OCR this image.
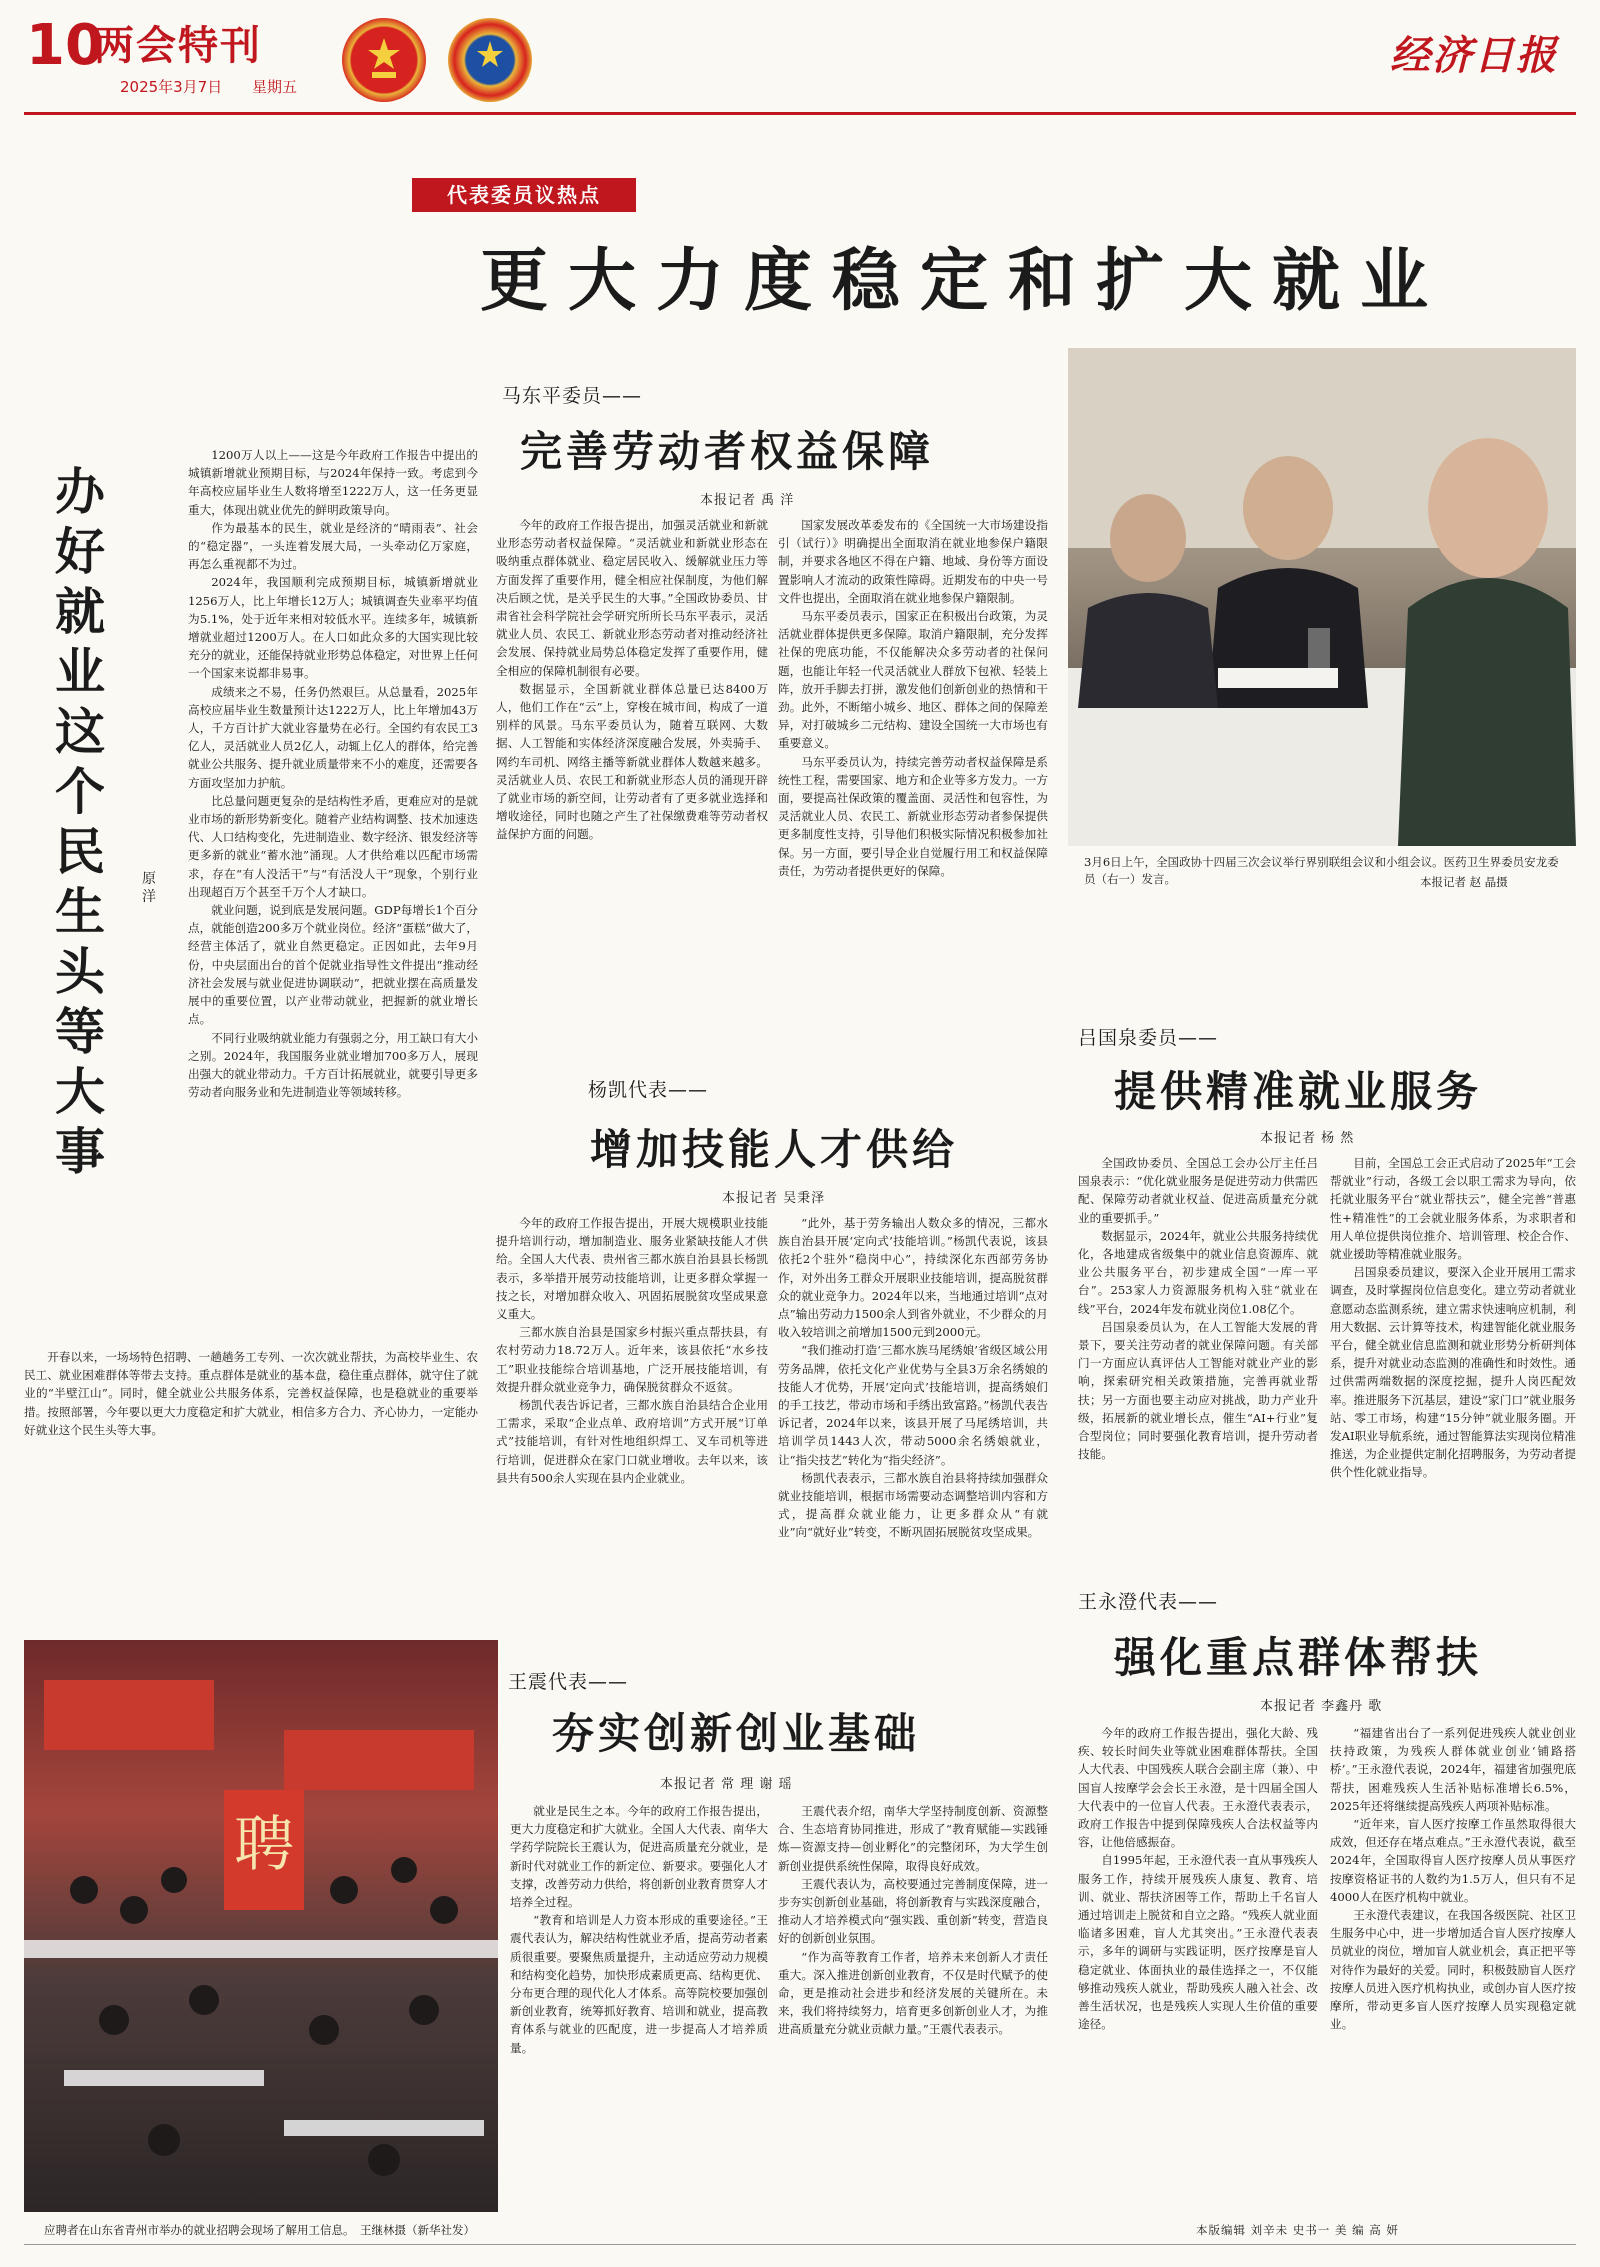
10
两会特刊
2025年3月7日 星期五
经济日报
代表委员议热点
更大力度稳定和扩大就业
办好就业这个民生头等大事
原洋

1200万人以上——这是今年政府工作报告中提出的城镇新增就业预期目标，与2024年保持一致。考虑到今年高校应届毕业生人数将增至1222万人，这一任务更显重大，体现出就业优先的鲜明政策导向。

作为最基本的民生，就业是经济的“晴雨表”、社会的“稳定器”，一头连着发展大局，一头牵动亿万家庭，再怎么重视都不为过。

2024年，我国顺利完成预期目标，城镇新增就业1256万人，比上年增长12万人；城镇调查失业率平均值为5.1%，处于近年来相对较低水平。连续多年，城镇新增就业超过1200万人。在人口如此众多的大国实现比较充分的就业，还能保持就业形势总体稳定，对世界上任何一个国家来说都非易事。

成绩来之不易，任务仍然艰巨。从总量看，2025年高校应届毕业生数量预计达1222万人，比上年增加43万人，千方百计扩大就业容量势在必行。全国约有农民工3亿人，灵活就业人员2亿人，动辄上亿人的群体，给完善就业公共服务、提升就业质量带来不小的难度，还需要各方面攻坚加力护航。

比总量问题更复杂的是结构性矛盾，更难应对的是就业市场的新形势新变化。随着产业结构调整、技术加速迭代、人口结构变化，先进制造业、数字经济、银发经济等更多新的就业“蓄水池”涌现。人才供给难以匹配市场需求，存在“有人没活干”与“有活没人干”现象，个别行业出现超百万个甚至千万个人才缺口。

就业问题，说到底是发展问题。GDP每增长1个百分点，就能创造200多万个就业岗位。经济“蛋糕”做大了，经营主体活了，就业自然更稳定。正因如此，去年9月份，中央层面出台的首个促就业指导性文件提出“推动经济社会发展与就业促进协调联动”，把就业摆在高质量发展中的重要位置，以产业带动就业，把握新的就业增长点。

不同行业吸纳就业能力有强弱之分，用工缺口有大小之别。2024年，我国服务业就业增加700多万人，展现出强大的就业带动力。千方百计拓展就业，就要引导更多劳动者向服务业和先进制造业等领域转移。

开春以来，一场场特色招聘、一趟趟务工专列、一次次就业帮扶，为高校毕业生、农民工、就业困难群体等带去支持。重点群体是就业的基本盘，稳住重点群体，就守住了就业的“半壁江山”。同时，健全就业公共服务体系，完善权益保障，也是稳就业的重要举措。按照部署，今年要以更大力度稳定和扩大就业，相信多方合力、齐心协力，一定能办好就业这个民生头等大事。

聘
应聘者在山东省青州市举办的就业招聘会现场了解用工信息。 王继林摄（新华社发）
马东平委员——
完善劳动者权益保障
本报记者 禹 洋

今年的政府工作报告提出，加强灵活就业和新就业形态劳动者权益保障。“灵活就业和新就业形态在吸纳重点群体就业、稳定居民收入、缓解就业压力等方面发挥了重要作用，健全相应社保制度，为他们解决后顾之忧，是关乎民生的大事。”全国政协委员、甘肃省社会科学院社会学研究所所长马东平表示，灵活就业人员、农民工、新就业形态劳动者对推动经济社会发展、保持就业局势总体稳定发挥了重要作用，健全相应的保障机制很有必要。

数据显示，全国新就业群体总量已达8400万人，他们工作在“云”上，穿梭在城市间，构成了一道别样的风景。马东平委员认为，随着互联网、大数据、人工智能和实体经济深度融合发展，外卖骑手、网约车司机、网络主播等新就业群体人数越来越多。灵活就业人员、农民工和新就业形态人员的涌现开辟了就业市场的新空间，让劳动者有了更多就业选择和增收途径，同时也随之产生了社保缴费难等劳动者权益保护方面的问题。

国家发展改革委发布的《全国统一大市场建设指引（试行）》明确提出全面取消在就业地参保户籍限制，并要求各地区不得在户籍、地域、身份等方面设置影响人才流动的政策性障碍。近期发布的中央一号文件也提出，全面取消在就业地参保户籍限制。

马东平委员表示，国家正在积极出台政策，为灵活就业群体提供更多保障。取消户籍限制，充分发挥社保的兜底功能，不仅能解决众多劳动者的社保问题，也能让年轻一代灵活就业人群放下包袱、轻装上阵，放开手脚去打拼，激发他们创新创业的热情和干劲。此外，不断缩小城乡、地区、群体之间的保障差异，对打破城乡二元结构、建设全国统一大市场也有重要意义。

马东平委员认为，持续完善劳动者权益保障是系统性工程，需要国家、地方和企业等多方发力。一方面，要提高社保政策的覆盖面、灵活性和包容性，为灵活就业人员、农民工、新就业形态劳动者参保提供更多制度性支持，引导他们积极实际情况积极参加社保。另一方面，要引导企业自觉履行用工和权益保障责任，为劳动者提供更好的保障。

3月6日上午，全国政协十四届三次会议举行界别联组会议和小组会议。医药卫生界委员安龙委员（右一）发言。	本报记者 赵 晶摄
杨凯代表——
增加技能人才供给
本报记者 吴秉泽

今年的政府工作报告提出，开展大规模职业技能提升培训行动，增加制造业、服务业紧缺技能人才供给。全国人大代表、贵州省三都水族自治县县长杨凯表示，多举措开展劳动技能培训，让更多群众掌握一技之长，对增加群众收入、巩固拓展脱贫攻坚成果意义重大。

三都水族自治县是国家乡村振兴重点帮扶县，有农村劳动力18.72万人。近年来，该县依托“水乡技工”职业技能综合培训基地，广泛开展技能培训，有效提升群众就业竞争力，确保脱贫群众不返贫。

杨凯代表告诉记者，三都水族自治县结合企业用工需求，采取“企业点单、政府培训”方式开展“订单式”技能培训，有针对性地组织焊工、叉车司机等进行培训，促进群众在家门口就业增收。去年以来，该县共有500余人实现在县内企业就业。

“此外，基于劳务输出人数众多的情况，三都水族自治县开展‘定向式’技能培训。”杨凯代表说，该县依托2个驻外“稳岗中心”，持续深化东西部劳务协作，对外出务工群众开展职业技能培训，提高脱贫群众的就业竞争力。2024年以来，当地通过培训“点对点”输出劳动力1500余人到省外就业，不少群众的月收入较培训之前增加1500元到2000元。

“我们推动打造‘三都水族马尾绣娘’省级区域公用劳务品牌，依托文化产业优势与全县3万余名绣娘的技能人才优势，开展‘定向式’技能培训，提高绣娘们的手工技艺，带动市场和手绣出致富路。”杨凯代表告诉记者，2024年以来，该县开展了马尾绣培训，共培训学员1443人次，带动5000余名绣娘就业，让“指尖技艺”转化为“指尖经济”。

杨凯代表表示，三都水族自治县将持续加强群众就业技能培训，根据市场需要动态调整培训内容和方式，提高群众就业能力，让更多群众从“有就业”向“就好业”转变，不断巩固拓展脱贫攻坚成果。

吕国泉委员——
提供精准就业服务
本报记者 杨 然

全国政协委员、全国总工会办公厅主任吕国泉表示：“优化就业服务是促进劳动力供需匹配、保障劳动者就业权益、促进高质量充分就业的重要抓手。”

数据显示，2024年，就业公共服务持续优化，各地建成省级集中的就业信息资源库、就业公共服务平台，初步建成全国“一库一平台”。253家人力资源服务机构入驻“就业在线”平台，2024年发布就业岗位1.08亿个。

吕国泉委员认为，在人工智能大发展的背景下，要关注劳动者的就业保障问题。有关部门一方面应认真评估人工智能对就业产业的影响，探索研究相关政策措施，完善再就业帮扶；另一方面也要主动应对挑战，助力产业升级，拓展新的就业增长点，催生“AI+行业”复合型岗位；同时要强化教育培训，提升劳动者技能。

目前，全国总工会正式启动了2025年“工会帮就业”行动，各级工会以职工需求为导向，依托就业服务平台“就业帮扶云”，健全完善“普惠性+精准性”的工会就业服务体系，为求职者和用人单位提供岗位推介、培训管理、校企合作、就业援助等精准就业服务。

吕国泉委员建议，要深入企业开展用工需求调查，及时掌握岗位信息变化。建立劳动者就业意愿动态监测系统，建立需求快速响应机制，利用大数据、云计算等技术，构建智能化就业服务平台，健全就业信息监测和就业形势分析研判体系，提升对就业动态监测的准确性和时效性。通过供需两端数据的深度挖掘，提升人岗匹配效率。推进服务下沉基层，建设“家门口”就业服务站、零工市场，构建“15分钟”就业服务圈。开发AI职业导航系统，通过智能算法实现岗位精准推送，为企业提供定制化招聘服务，为劳动者提供个性化就业指导。

王震代表——
夯实创新创业基础
本报记者 常 理 谢 瑶

就业是民生之本。今年的政府工作报告提出，更大力度稳定和扩大就业。全国人大代表、南华大学药学院院长王震认为，促进高质量充分就业，是新时代对就业工作的新定位、新要求。要强化人才支撑，改善劳动力供给，将创新创业教育贯穿人才培养全过程。

“教育和培训是人力资本形成的重要途径。”王震代表认为，解决结构性就业矛盾，提高劳动者素质很重要。要聚焦质量提升，主动适应劳动力规模和结构变化趋势，加快形成素质更高、结构更优、分布更合理的现代化人才体系。高等院校要加强创新创业教育，统筹抓好教育、培训和就业，提高教育体系与就业的匹配度，进一步提高人才培养质量。

王震代表介绍，南华大学坚持制度创新、资源整合、生态培育协同推进，形成了“教育赋能—实践锤炼—资源支持—创业孵化”的完整闭环，为大学生创新创业提供系统性保障，取得良好成效。

王震代表认为，高校要通过完善制度保障，进一步夯实创新创业基础，将创新教育与实践深度融合，推动人才培养模式向“强实践、重创新”转变，营造良好的创新创业氛围。

“作为高等教育工作者，培养未来创新人才责任重大。深入推进创新创业教育，不仅是时代赋予的使命，更是推动社会进步和经济发展的关键所在。未来，我们将持续努力，培育更多创新创业人才，为推进高质量充分就业贡献力量。”王震代表表示。

王永澄代表——
强化重点群体帮扶
本报记者 李鑫丹 歌

今年的政府工作报告提出，强化大龄、残疾、较长时间失业等就业困难群体帮扶。全国人大代表、中国残疾人联合会副主席（兼）、中国盲人按摩学会会长王永澄，是十四届全国人大代表中的一位盲人代表。王永澄代表表示，政府工作报告中提到保障残疾人合法权益等内容，让他倍感振奋。

自1995年起，王永澄代表一直从事残疾人服务工作，持续开展残疾人康复、教育、培训、就业、帮扶济困等工作，帮助上千名盲人通过培训走上脱贫和自立之路。“残疾人就业面临诸多困难，盲人尤其突出。”王永澄代表表示，多年的调研与实践证明，医疗按摩是盲人稳定就业、体面执业的最佳选择之一，不仅能够推动残疾人就业，帮助残疾人融入社会、改善生活状况，也是残疾人实现人生价值的重要途径。

“福建省出台了一系列促进残疾人就业创业扶持政策，为残疾人群体就业创业‘铺路搭桥’。”王永澄代表说，2024年，福建省加强兜底帮扶，困难残疾人生活补贴标准增长6.5%，2025年还将继续提高残疾人两项补贴标准。

“近年来，盲人医疗按摩工作虽然取得很大成效，但还存在堵点难点。”王永澄代表说，截至2024年，全国取得盲人医疗按摩人员从事医疗按摩资格证书的人数约为1.5万人，但只有不足4000人在医疗机构中就业。

王永澄代表建议，在我国各级医院、社区卫生服务中心中，进一步增加适合盲人医疗按摩人员就业的岗位，增加盲人就业机会，真正把平等对待作为最好的关爱。同时，积极鼓励盲人医疗按摩人员进入医疗机构执业，或创办盲人医疗按摩所，带动更多盲人医疗按摩人员实现稳定就业。

本版编辑 刘辛未 史书一 美 编 高 妍
